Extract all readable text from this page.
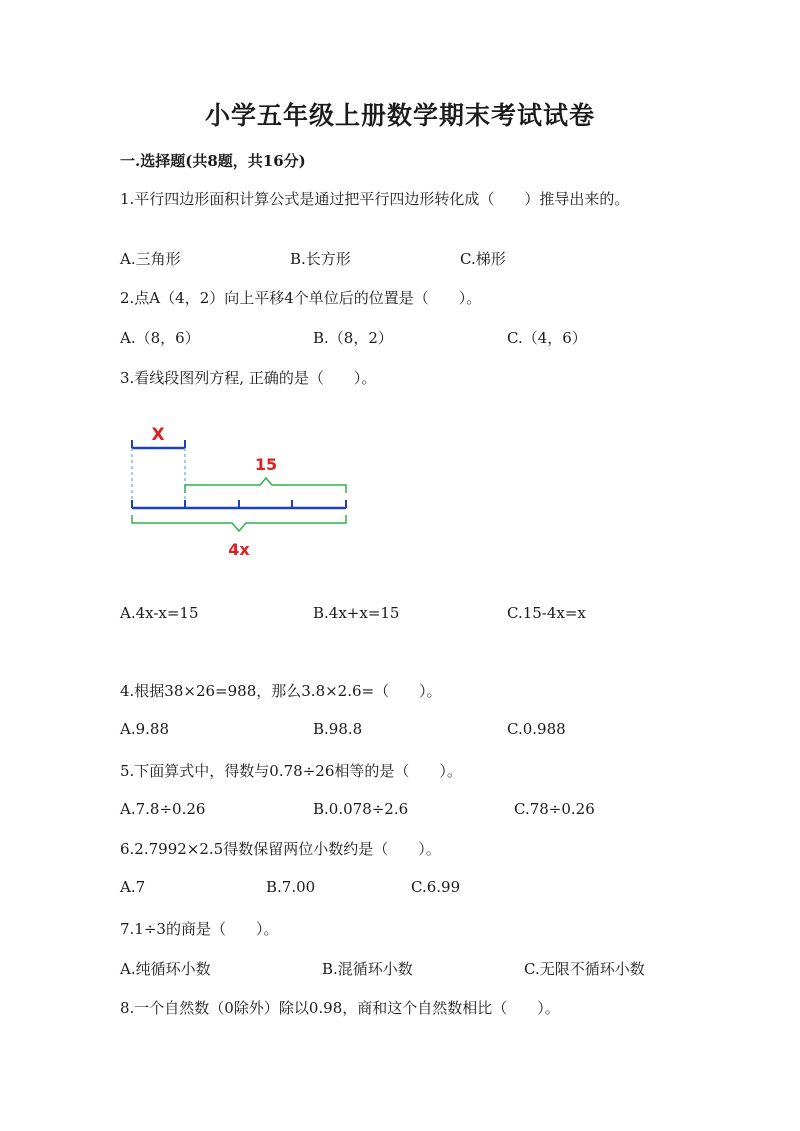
小学五年级上册数学期末考试试卷
一.选择题(共8题，共16分)
1.平行四边形面积计算公式是通过把平行四边形转化成（　　）推导出来的。
A.三角形	B.长方形	C.梯形
2.点A（4，2）向上平移4个单位后的位置是（　　）。
A.（8，6）	B.（8，2）	C.（4，6）
3.看线段图列方程, 正确的是（　　）。
X
15
4x
A.4x-x=15	B.4x+x=15	C.15-4x=x
4.根据38×26=988，那么3.8×2.6=（　　）。
A.9.88	B.98.8	C.0.988
5.下面算式中，得数与0.78÷26相等的是（　　）。
A.7.8÷0.26	B.0.078÷2.6	C.78÷0.26
6.2.7992×2.5得数保留两位小数约是（　　）。
A.7	B.7.00	C.6.99
7.1÷3的商是（　　）。
A.纯循环小数	B.混循环小数	C.无限不循环小数
8.一个自然数（0除外）除以0.98，商和这个自然数相比（　　）。
